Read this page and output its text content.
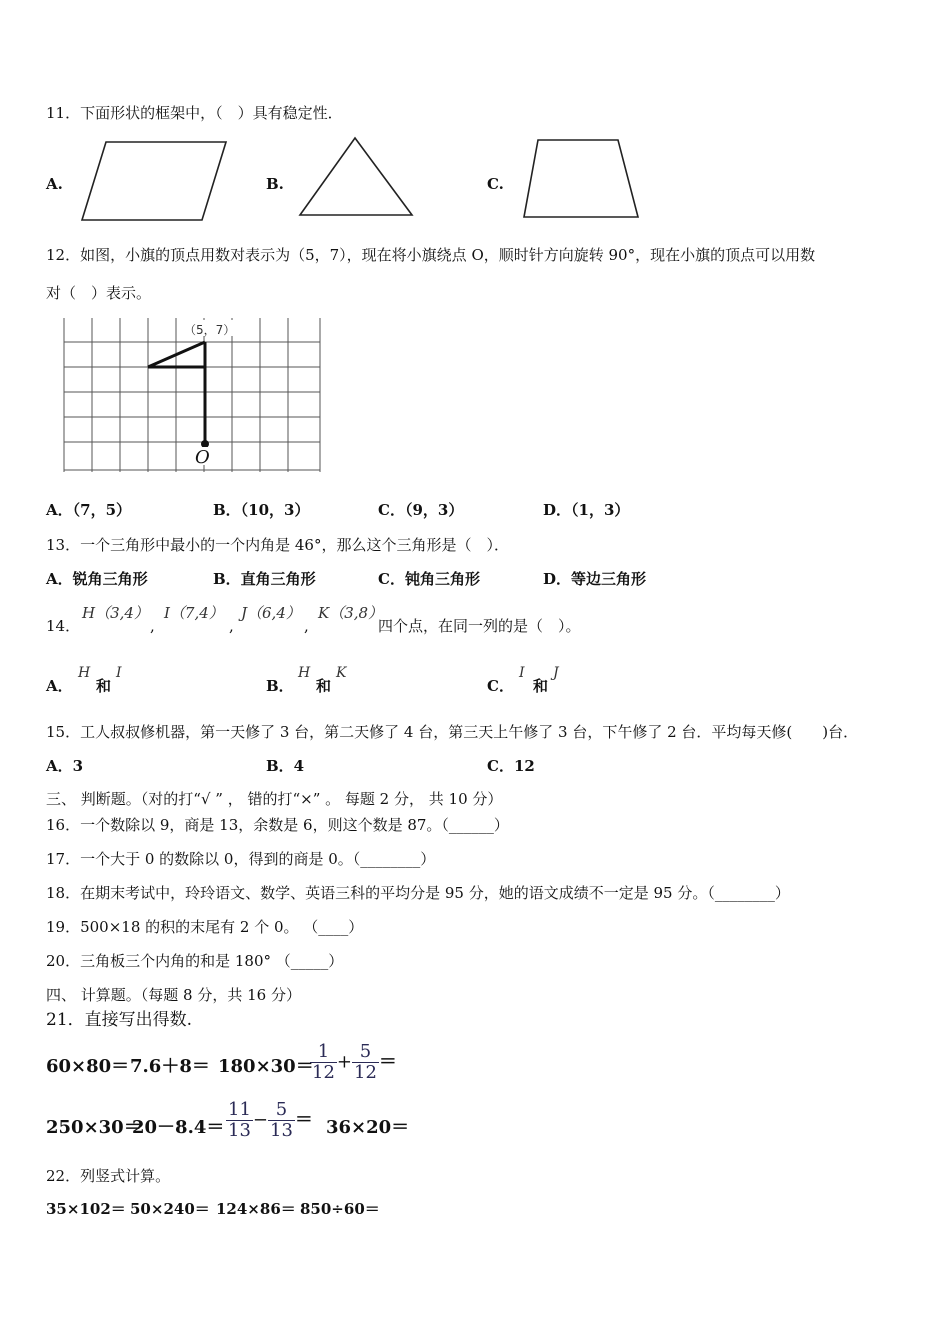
11．下面形状的框架中，（　）具有稳定性．
A.	B.	C.
12．如图，小旗的顶点用数对表示为（5，7），现在将小旗绕点 O，顺时针方向旋转 90°，现在小旗的顶点可以用数
对（　）表示。
（5，7）
O
A．（7，5）	B．（10，3）	C．（9，3）	D．（1，3）
13．一个三角形中最小的一个内角是 46°，那么这个三角形是（　）．
A．锐角三角形	B．直角三角形	C．钝角三角形	D．等边三角形
14．
H（3,4）
,
I（7,4）
,
J（6,4）
,
K（3,8）
四个点，在同一列的是（　）。
A．
H
和
I
B．
H
和
K
C．
I
和
J
15．工人叔叔修机器，第一天修了 3 台，第二天修了 4 台，第三天上午修了 3 台，下午修了 2 台．平均每天修(　　)台．
A．3	B．4	C．12
三、 判断题。（对的打“√ ” ， 错的打“×” 。 每题 2 分， 共 10 分）
16．一个数除以 9，商是 13，余数是 6，则这个数是 87。（______）
17．一个大于 0 的数除以 0，得到的商是 0。（________）
18．在期末考试中，玲玲语文、数学、英语三科的平均分是 95 分，她的语文成绩不一定是 95 分。（________）
19．500×18 的积的末尾有 2 个 0。 （____）
20．三角板三个内角的和是 180° （_____）
四、 计算题。（每题 8 分，共 16 分）
21．直接写出得数.
60×80＝ 7.6＋8＝ 180×30＝
$\frac{1}{12} + \frac{5}{12}$ ＝
250×30＝
$20-8.4= \frac{11}{13} - \frac{5}{13} = 36\times 20=$
22．列竖式计算。
35×102＝ 50×240＝ 124×86＝ 850÷60＝
